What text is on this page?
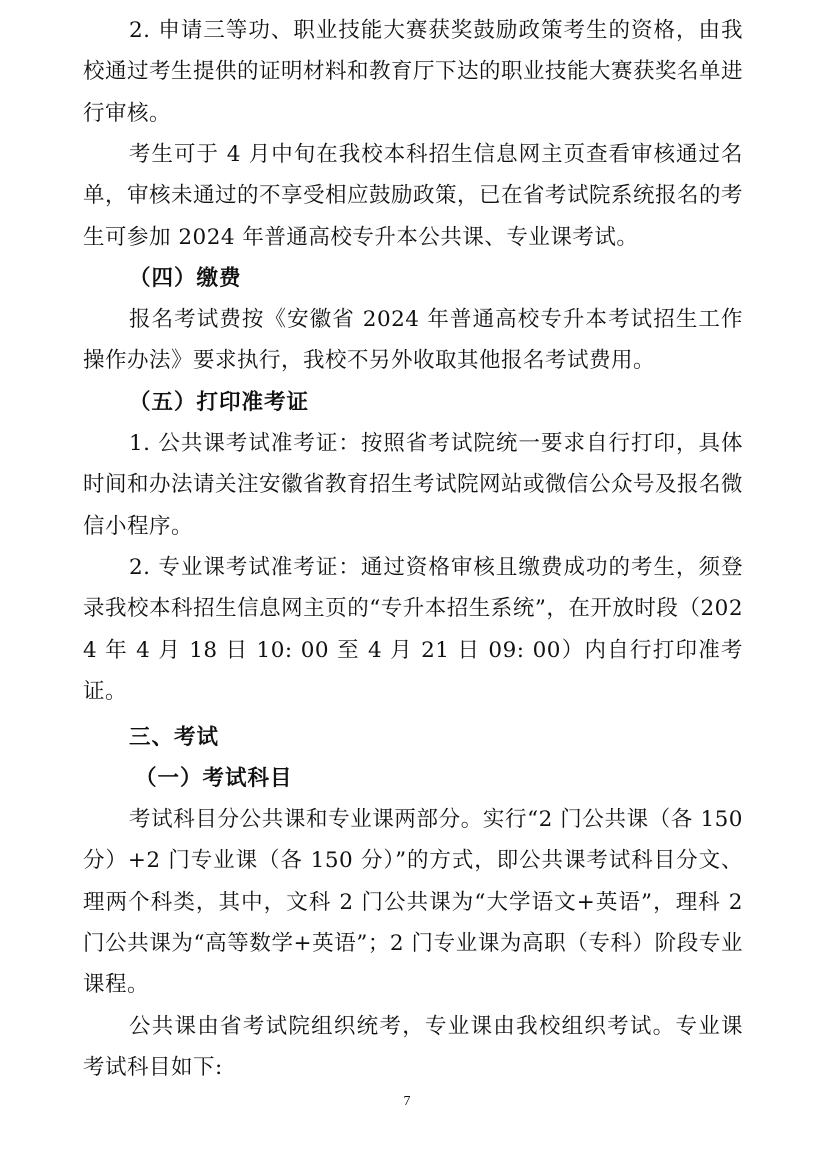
2. 申请三等功、职业技能大赛获奖鼓励政策考生的资格，由我校通过考生提供的证明材料和教育厅下达的职业技能大赛获奖名单进行审核。

考生可于 4 月中旬在我校本科招生信息网主页查看审核通过名单，审核未通过的不享受相应鼓励政策，已在省考试院系统报名的考生可参加 2024 年普通高校专升本公共课、专业课考试。

（四）缴费

报名考试费按《安徽省 2024 年普通高校专升本考试招生工作操作办法》要求执行，我校不另外收取其他报名考试费用。

（五）打印准考证

1. 公共课考试准考证：按照省考试院统一要求自行打印，具体时间和办法请关注安徽省教育招生考试院网站或微信公众号及报名微信小程序。

2. 专业课考试准考证：通过资格审核且缴费成功的考生，须登录我校本科招生信息网主页的“专升本招生系统”，在开放时段（2024 年 4 月 18 日 10: 00 至 4 月 21 日 09: 00）内自行打印准考证。

三、考试

（一）考试科目

考试科目分公共课和专业课两部分。实行“2 门公共课（各 150 分）+2 门专业课（各 150 分）”的方式，即公共课考试科目分文、理两个科类，其中，文科 2 门公共课为“大学语文+英语”，理科 2 门公共课为“高等数学+英语”；2 门专业课为高职（专科）阶段专业课程。

公共课由省考试院组织统考，专业课由我校组织考试。专业课考试科目如下:

7
